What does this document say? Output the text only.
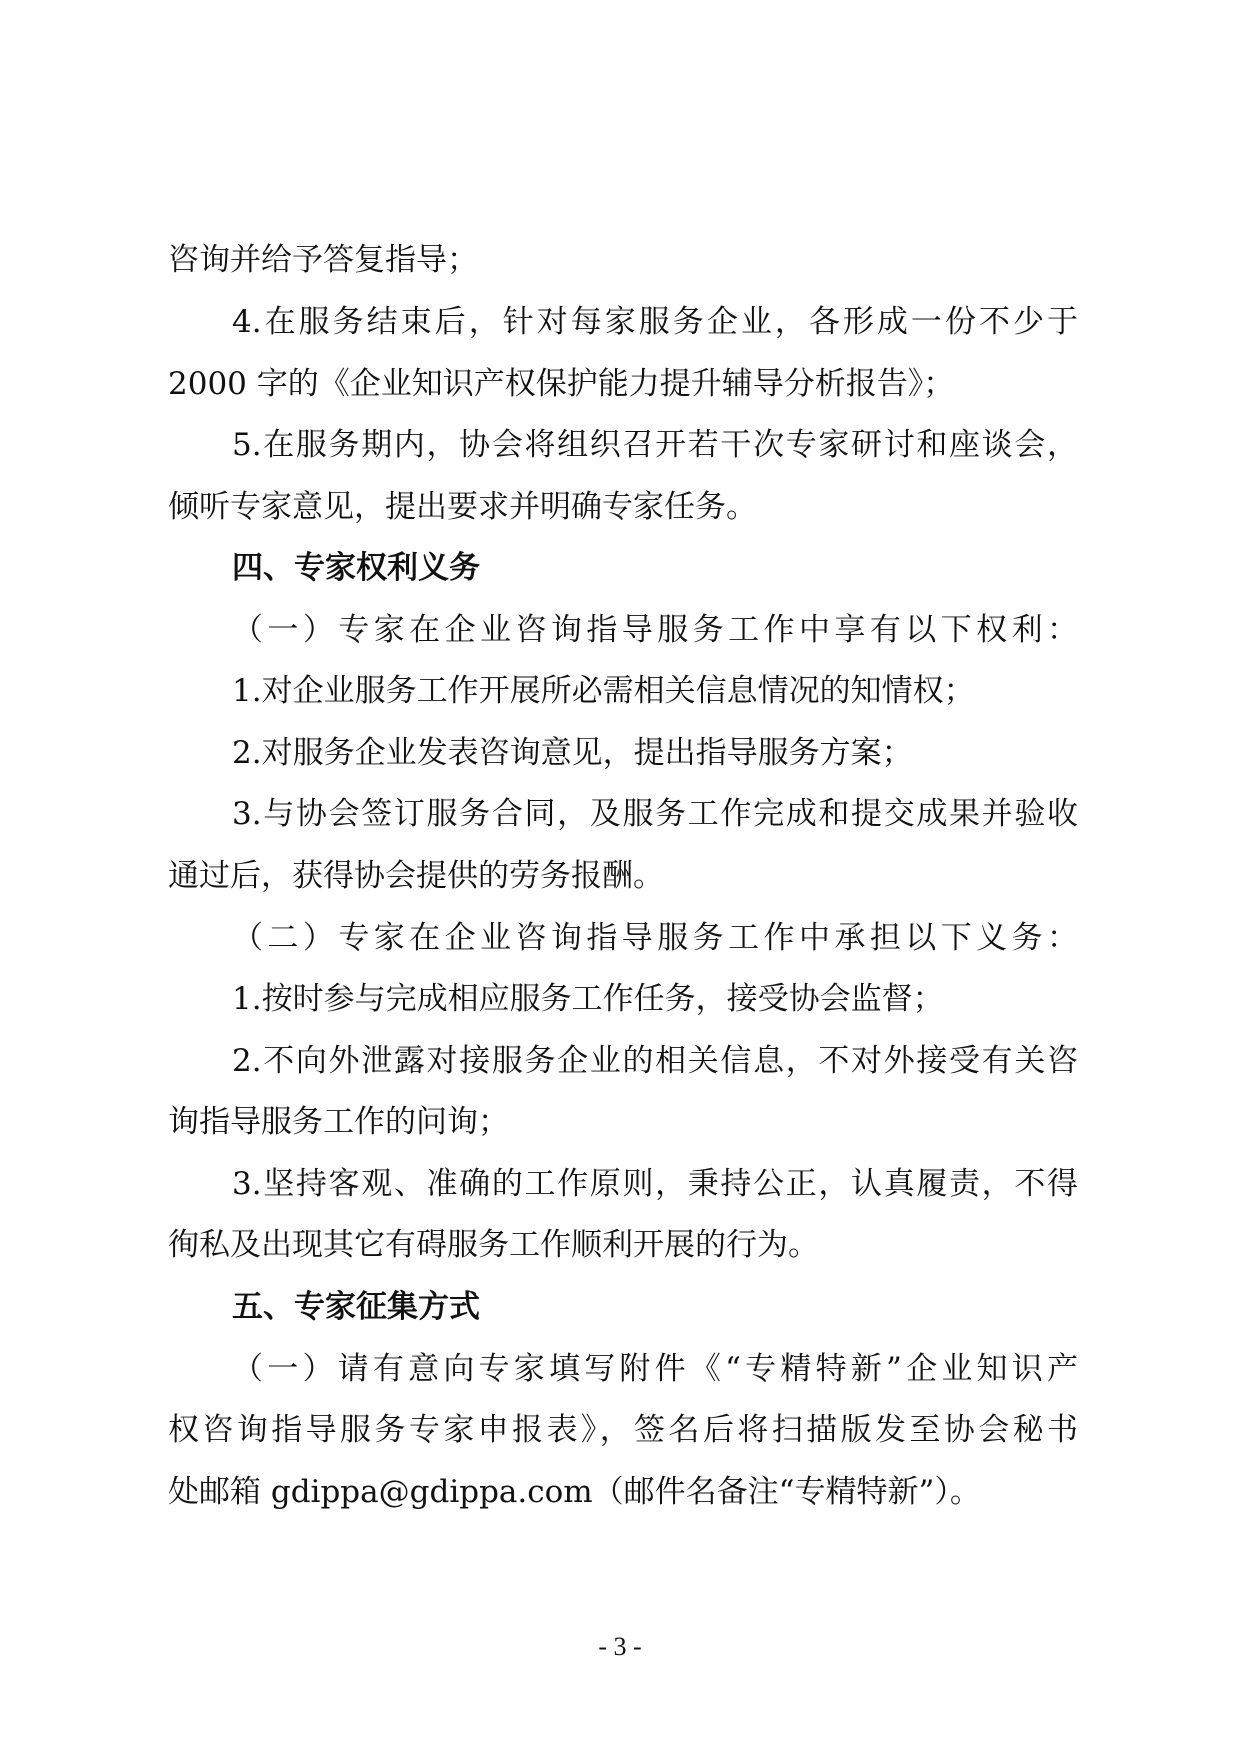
咨询并给予答复指导；
4.在服务结束后，针对每家服务企业，各形成一份不少于
2000 字的《企业知识产权保护能力提升辅导分析报告》；
5.在服务期内，协会将组织召开若干次专家研讨和座谈会，
倾听专家意见，提出要求并明确专家任务。
四、专家权利义务
（一）专家在企业咨询指导服务工作中享有以下权利：
1.对企业服务工作开展所必需相关信息情况的知情权；
2.对服务企业发表咨询意见，提出指导服务方案；
3.与协会签订服务合同，及服务工作完成和提交成果并验收
通过后，获得协会提供的劳务报酬。
（二）专家在企业咨询指导服务工作中承担以下义务：
1.按时参与完成相应服务工作任务，接受协会监督；
2.不向外泄露对接服务企业的相关信息，不对外接受有关咨
询指导服务工作的问询；
3.坚持客观、准确的工作原则，秉持公正，认真履责，不得
徇私及出现其它有碍服务工作顺利开展的行为。
五、专家征集方式
（一）请有意向专家填写附件《“专精特新”企业知识产
权咨询指导服务专家申报表》，签名后将扫描版发至协会秘书
处邮箱 gdippa@gdippa.com（邮件名备注“专精特新”）。
- 3 -
